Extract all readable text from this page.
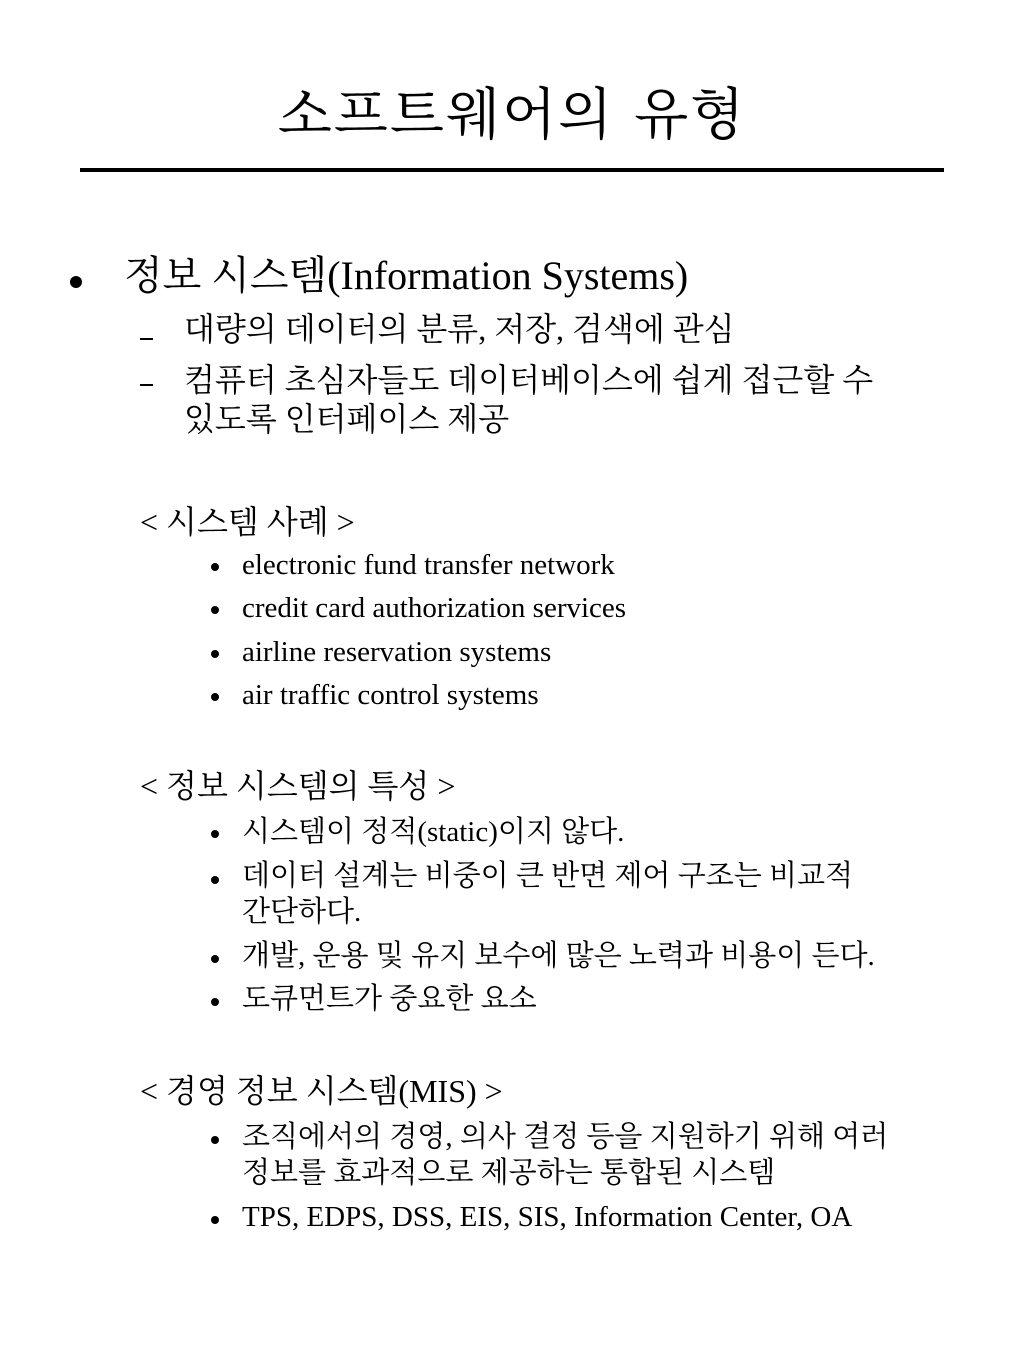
소프트웨어의 유형
정보 시스템(Information Systems)
대량의 데이터의 분류, 저장, 검색에 관심
컴퓨터 초심자들도 데이터베이스에 쉽게 접근할 수
있도록 인터페이스 제공
< 시스템 사례 >
electronic fund transfer network
credit card authorization services
airline reservation systems
air traffic control systems
< 정보 시스템의 특성 >
시스템이 정적(static)이지 않다.
데이터 설계는 비중이 큰 반면 제어 구조는 비교적
간단하다.
개발, 운용 및 유지 보수에 많은 노력과 비용이 든다.
도큐먼트가 중요한 요소
< 경영 정보 시스템(MIS) >
조직에서의 경영, 의사 결정 등을 지원하기 위해 여러
정보를 효과적으로 제공하는 통합된 시스템
TPS, EDPS, DSS, EIS, SIS, Information Center, OA
